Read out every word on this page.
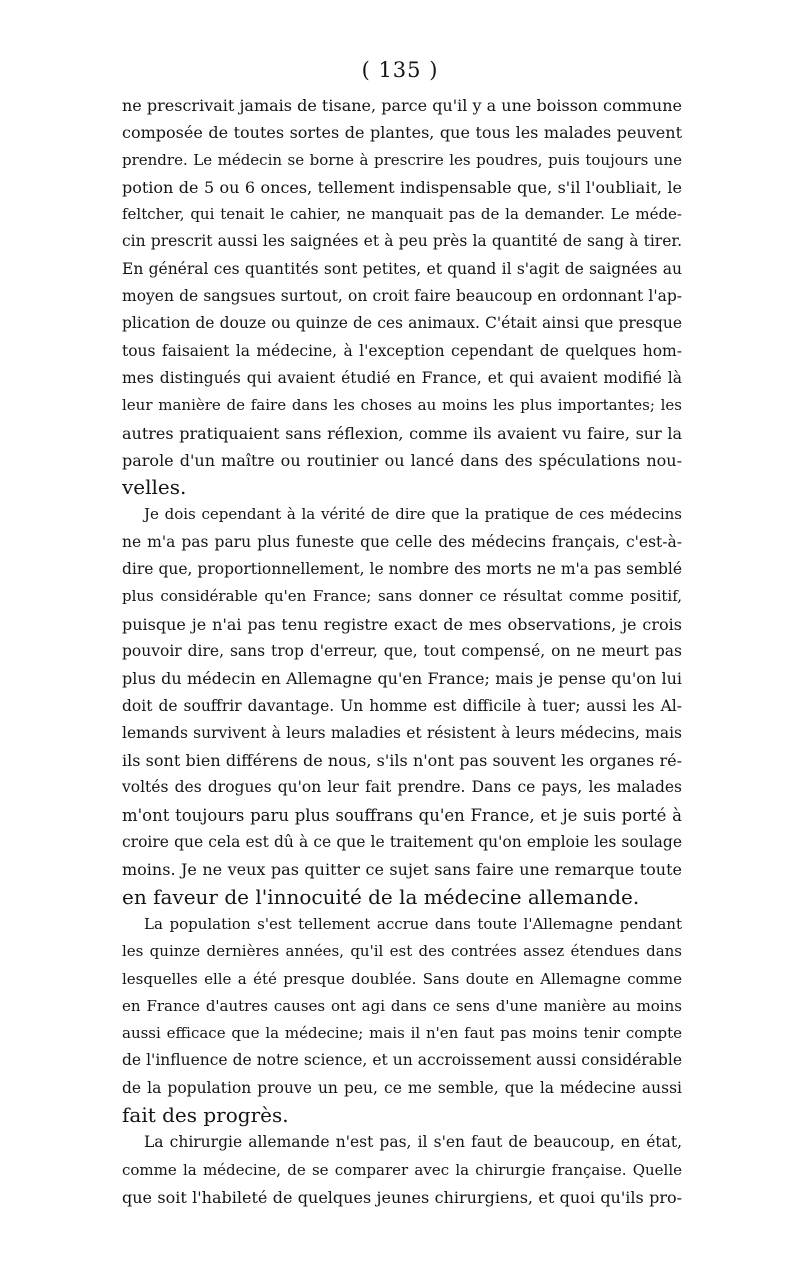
( 135 )
ne prescrivait jamais de tisane, parce qu'il y a une boisson commune
composée de toutes sortes de plantes, que tous les malades peuvent
prendre. Le médecin se borne à prescrire les poudres, puis toujours une
potion de 5 ou 6 onces, tellement indispensable que, s'il l'oubliait, le
feltcher, qui tenait le cahier, ne manquait pas de la demander. Le méde-
cin prescrit aussi les saignées et à peu près la quantité de sang à tirer.
En général ces quantités sont petites, et quand il s'agit de saignées au
moyen de sangsues surtout, on croit faire beaucoup en ordonnant l'ap-
plication de douze ou quinze de ces animaux. C'était ainsi que presque
tous faisaient la médecine, à l'exception cependant de quelques hom-
mes distingués qui avaient étudié en France, et qui avaient modifié là
leur manière de faire dans les choses au moins les plus importantes; les
autres pratiquaient sans réflexion, comme ils avaient vu faire, sur la
parole d'un maître ou routinier ou lancé dans des spéculations nou-
velles.
Je dois cependant à la vérité de dire que la pratique de ces médecins
ne m'a pas paru plus funeste que celle des médecins français, c'est-à-
dire que, proportionnellement, le nombre des morts ne m'a pas semblé
plus considérable qu'en France; sans donner ce résultat comme positif,
puisque je n'ai pas tenu registre exact de mes observations, je crois
pouvoir dire, sans trop d'erreur, que, tout compensé, on ne meurt pas
plus du médecin en Allemagne qu'en France; mais je pense qu'on lui
doit de souffrir davantage. Un homme est difficile à tuer; aussi les Al-
lemands survivent à leurs maladies et résistent à leurs médecins, mais
ils sont bien différens de nous, s'ils n'ont pas souvent les organes ré-
voltés des drogues qu'on leur fait prendre. Dans ce pays, les malades
m'ont toujours paru plus souffrans qu'en France, et je suis porté à
croire que cela est dû à ce que le traitement qu'on emploie les soulage
moins. Je ne veux pas quitter ce sujet sans faire une remarque toute
en faveur de l'innocuité de la médecine allemande.
La population s'est tellement accrue dans toute l'Allemagne pendant
les quinze dernières années, qu'il est des contrées assez étendues dans
lesquelles elle a été presque doublée. Sans doute en Allemagne comme
en France d'autres causes ont agi dans ce sens d'une manière au moins
aussi efficace que la médecine; mais il n'en faut pas moins tenir compte
de l'influence de notre science, et un accroissement aussi considérable
de la population prouve un peu, ce me semble, que la médecine aussi
fait des progrès.
La chirurgie allemande n'est pas, il s'en faut de beaucoup, en état,
comme la médecine, de se comparer avec la chirurgie française. Quelle
que soit l'habileté de quelques jeunes chirurgiens, et quoi qu'ils pro-
